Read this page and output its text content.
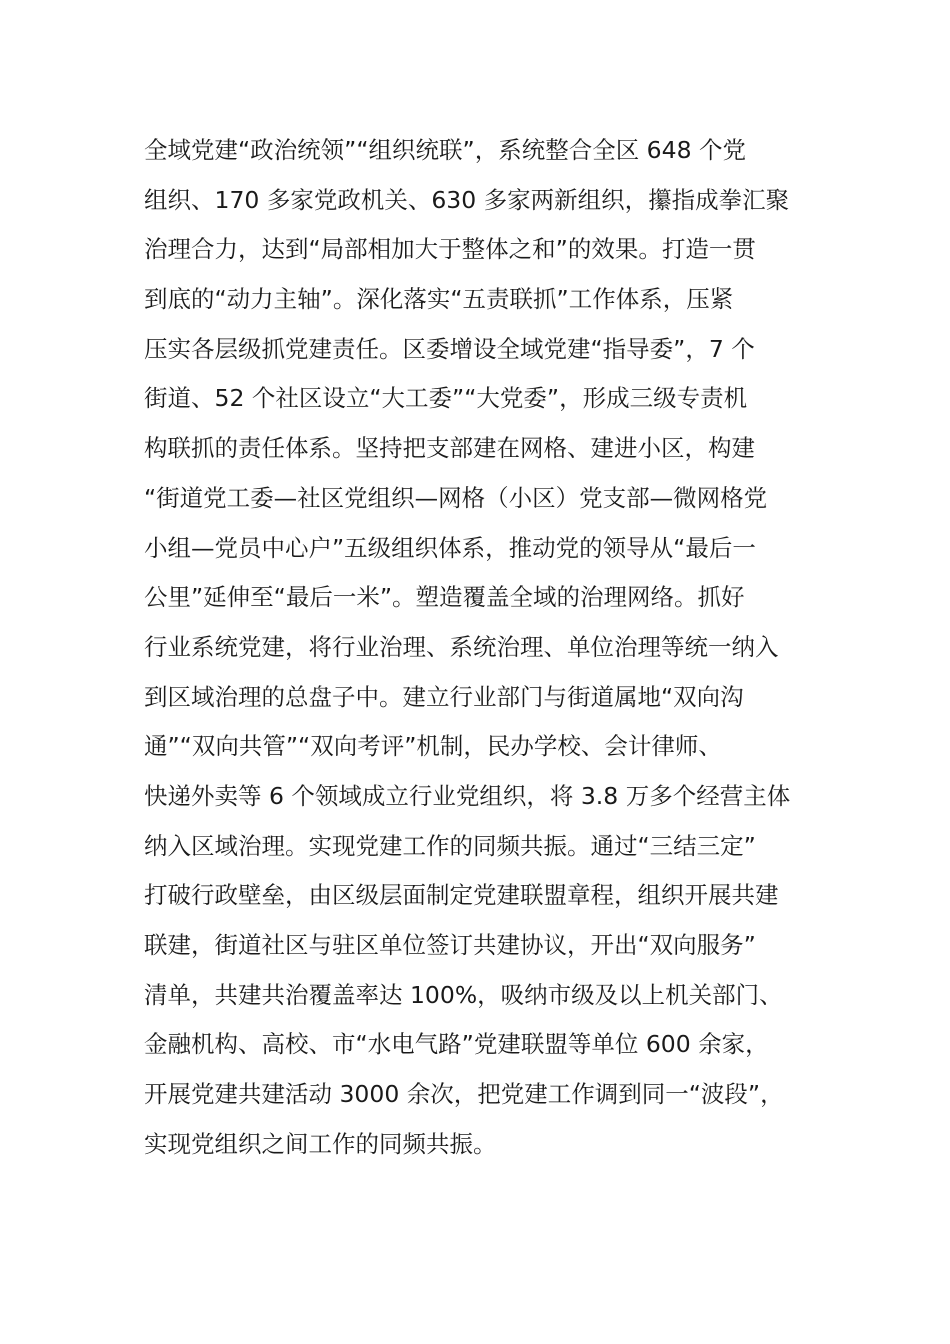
全域党建“政治统领”“组织统联”，系统整合全区 648 个党
组织、170 多家党政机关、630 多家两新组织，攥指成拳汇聚
治理合力，达到“局部相加大于整体之和”的效果。打造一贯
到底的“动力主轴”。深化落实“五责联抓”工作体系，压紧
压实各层级抓党建责任。区委增设全域党建“指导委”，7 个
街道、52 个社区设立“大工委”“大党委”，形成三级专责机
构联抓的责任体系。坚持把支部建在网格、建进小区，构建
“街道党工委—社区党组织—网格（小区）党支部—微网格党
小组—党员中心户”五级组织体系，推动党的领导从“最后一
公里”延伸至“最后一米”。塑造覆盖全域的治理网络。抓好
行业系统党建，将行业治理、系统治理、单位治理等统一纳入
到区域治理的总盘子中。建立行业部门与街道属地“双向沟
通”“双向共管”“双向考评”机制，民办学校、会计律师、
快递外卖等 6 个领域成立行业党组织，将 3.8 万多个经营主体
纳入区域治理。实现党建工作的同频共振。通过“三结三定”
打破行政壁垒，由区级层面制定党建联盟章程，组织开展共建
联建，街道社区与驻区单位签订共建协议，开出“双向服务”
清单，共建共治覆盖率达 100%，吸纳市级及以上机关部门、
金融机构、高校、市“水电气路”党建联盟等单位 600 余家，
开展党建共建活动 3000 余次，把党建工作调到同一“波段”，
实现党组织之间工作的同频共振。
